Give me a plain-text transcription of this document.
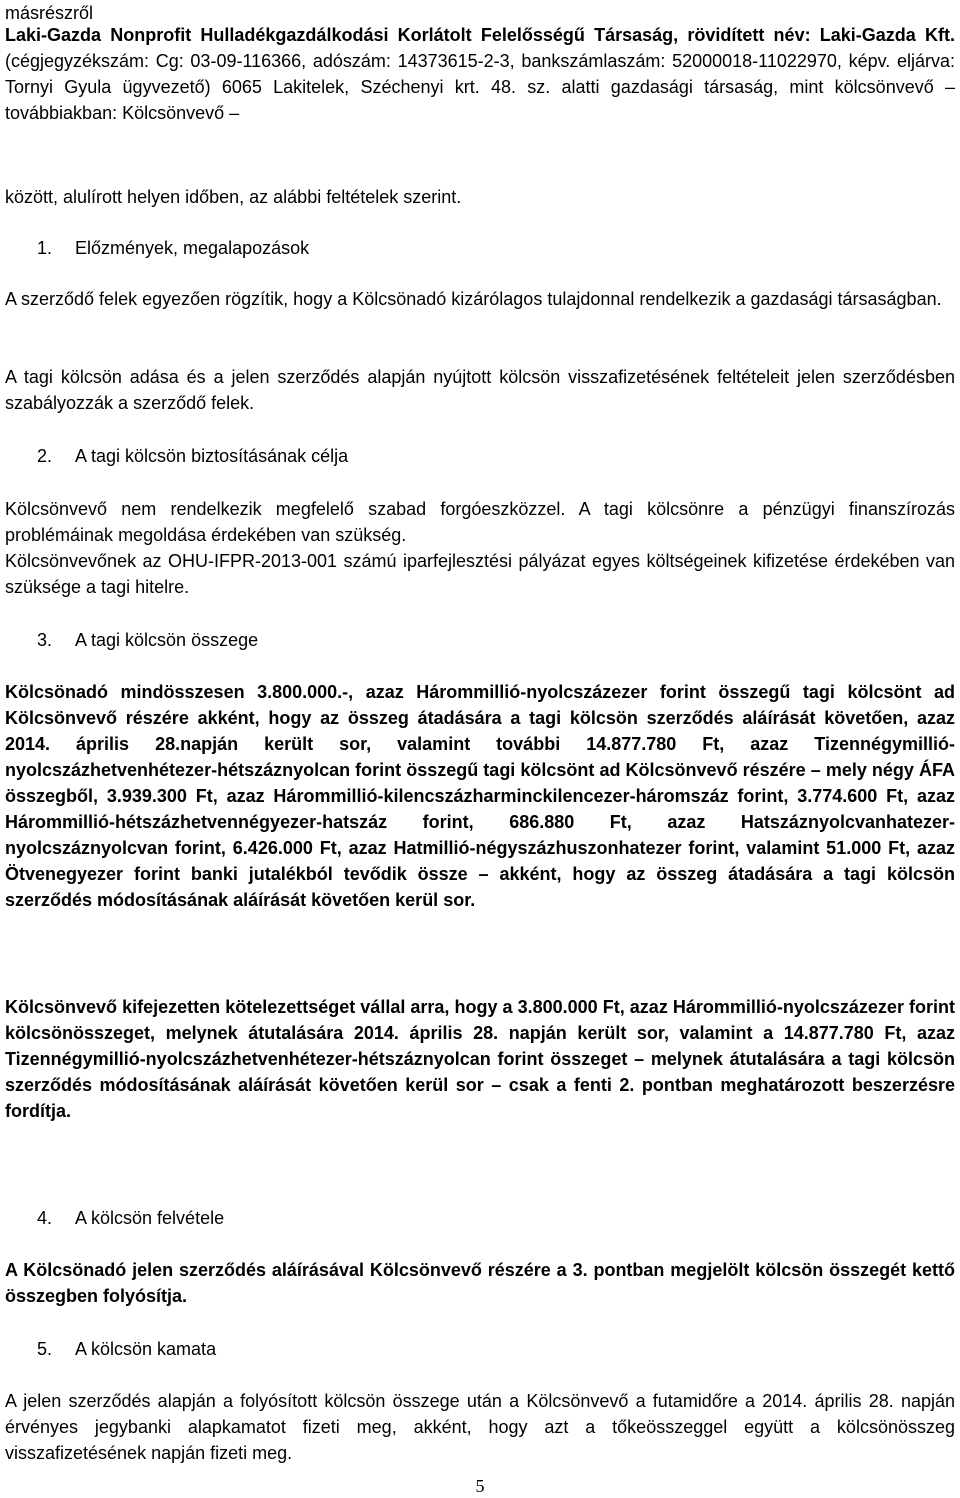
másrészről
Laki-Gazda Nonprofit Hulladékgazdálkodási Korlátolt Felelősségű Társaság, rövidített név: Laki-Gazda Kft. (cégjegyzékszám: Cg: 03-09-116366, adószám: 14373615-2-3, bankszámlaszám: 52000018-11022970, képv. eljárva: Tornyi Gyula ügyvezető) 6065 Lakitelek, Széchenyi krt. 48. sz. alatti gazdasági társaság, mint kölcsönvevő – továbbiakban: Kölcsönvevő –
között, alulírott helyen időben, az alábbi feltételek szerint.
1. Előzmények, megalapozások
A szerződő felek egyezően rögzítik, hogy a Kölcsönadó kizárólagos tulajdonnal rendelkezik a gazdasági társaságban.
A tagi kölcsön adása és a jelen szerződés alapján nyújtott kölcsön visszafizetésének feltételeit jelen szerződésben szabályozzák a szerződő felek.
2. A tagi kölcsön biztosításának célja
Kölcsönvevő nem rendelkezik megfelelő szabad forgóeszközzel. A tagi kölcsönre a pénzügyi finanszírozás problémáinak megoldása érdekében van szükség.
Kölcsönvevőnek az OHU-IFPR-2013-001 számú iparfejlesztési pályázat egyes költségeinek kifizetése érdekében van szüksége a tagi hitelre.
3. A tagi kölcsön összege
Kölcsönadó mindösszesen 3.800.000.-, azaz Hárommillió-nyolcszázezer forint összegű tagi kölcsönt ad Kölcsönvevő részére akként, hogy az összeg átadására a tagi kölcsön szerződés aláírását követően, azaz 2014. április 28.napján került sor, valamint további 14.877.780 Ft, azaz Tizennégymillió-nyolcszázhetvenhétezer-hétszáznyolcan forint összegű tagi kölcsönt ad Kölcsönvevő részére – mely négy ÁFA összegből, 3.939.300 Ft, azaz Hárommillió-kilencszázharminckilencezer-háromszáz forint, 3.774.600 Ft, azaz Hárommillió-hétszázhetvennégyezer-hatszáz forint, 686.880 Ft, azaz Hatszáznyolcvanhatezer-nyolcszáznyolcvan forint, 6.426.000 Ft, azaz Hatmillió-négyszázhuszonhatezer forint, valamint 51.000 Ft, azaz Ötvenegyezer forint banki jutalékból tevődik össze – akként, hogy az összeg átadására a tagi kölcsön szerződés módosításának aláírását követően kerül sor.
Kölcsönvevő kifejezetten kötelezettséget vállal arra, hogy a 3.800.000 Ft, azaz Hárommillió-nyolcszázezer forint kölcsönösszeget, melynek átutalására 2014. április 28. napján került sor, valamint a 14.877.780 Ft, azaz Tizennégymillió-nyolcszázhetvenhétezer-hétszáznyolcan forint összeget – melynek átutalására a tagi kölcsön szerződés módosításának aláírását követően kerül sor – csak a fenti 2. pontban meghatározott beszerzésre fordítja.
4. A kölcsön felvétele
A Kölcsönadó jelen szerződés aláírásával Kölcsönvevő részére a 3. pontban megjelölt kölcsön összegét kettő összegben folyósítja.
5. A kölcsön kamata
A jelen szerződés alapján a folyósított kölcsön összege után a Kölcsönvevő a futamidőre a 2014. április 28. napján érvényes jegybanki alapkamatot fizeti meg, akként, hogy azt a tőkeösszeggel együtt a kölcsönösszeg visszafizetésének napján fizeti meg.
5
